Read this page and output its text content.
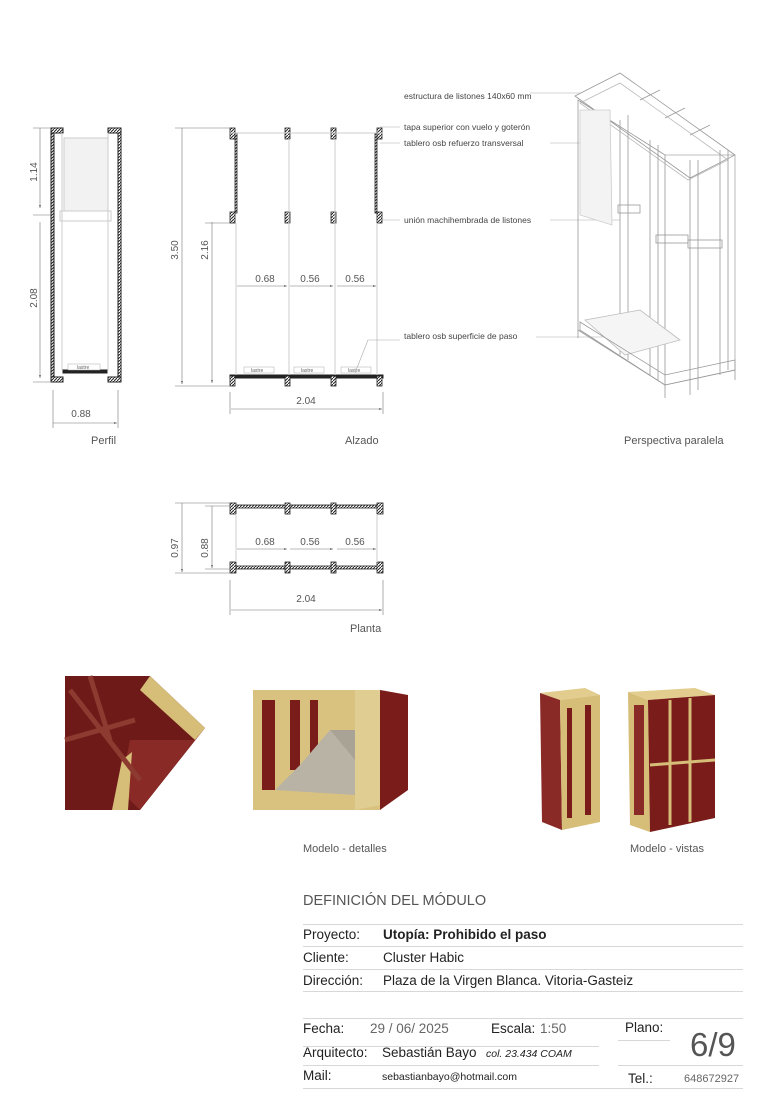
lastre
1.14
2.08
0.88
Perfil
lastre	lastre	lastre
3.50 2.16
0.68	0.56	0.56
2.04
Alzado
estructura de listones 140x60 mm
tapa superior con vuelo y goterón
tablero osb refuerzo transversal
unión machihembrada de listones
tablero osb superficie de paso
Perspectiva paralela
0.97 0.88	0.68	0.56	0.56
2.04
Planta
Modelo - detalles	Modelo - vistas
DEFINICIÓN DEL MÓDULO
Proyecto: Utopía: Prohibido el paso
Cliente:	Cluster Habic
Dirección: Plaza de la Virgen Blanca. Vitoria-Gasteiz
Fecha: 29 / 06/ 2025	Escala: 1:50	Plano: 6/9
Arquitecto: Sebastián Bayo col. 23.434 COAM
Mail:	sebastianbayo@hotmail.com	Tel.:	648672927
